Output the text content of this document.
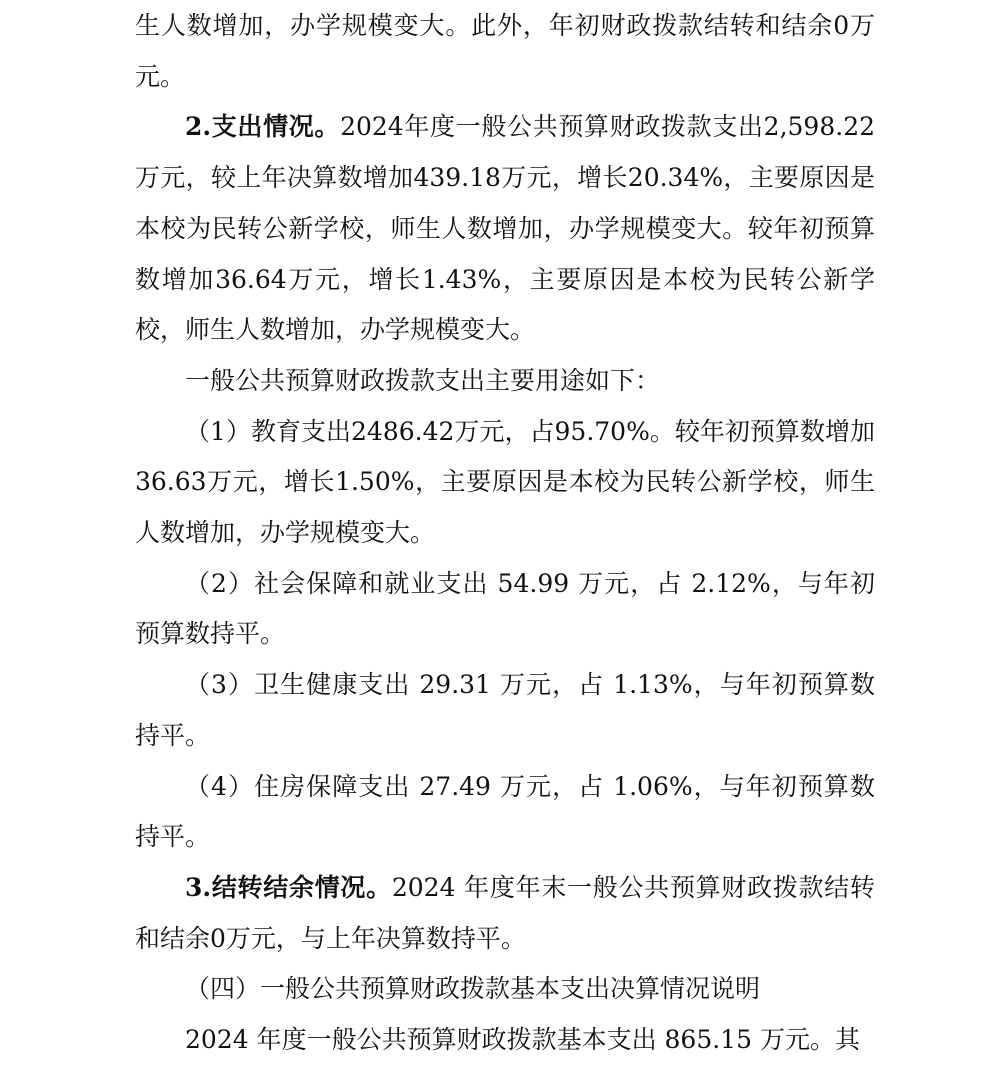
生人数增加，办学规模变大。此外，年初财政拨款结转和结余0万元。

2.支出情况。2024年度一般公共预算财政拨款支出2,598.22万元，较上年决算数增加439.18万元，增长20.34%，主要原因是本校为民转公新学校，师生人数增加，办学规模变大。较年初预算数增加36.64万元，增长1.43%，主要原因是本校为民转公新学校，师生人数增加，办学规模变大。

一般公共预算财政拨款支出主要用途如下：

（1）教育支出2486.42万元，占95.70%。较年初预算数增加36.63万元，增长1.50%，主要原因是本校为民转公新学校，师生人数增加，办学规模变大。

（2）社会保障和就业支出 54.99 万元，占 2.12%，与年初预算数持平。

（3）卫生健康支出 29.31 万元，占 1.13%，与年初预算数持平。

（4）住房保障支出 27.49 万元，占 1.06%，与年初预算数持平。

3.结转结余情况。2024 年度年末一般公共预算财政拨款结转和结余0万元，与上年决算数持平。

（四）一般公共预算财政拨款基本支出决算情况说明

2024 年度一般公共预算财政拨款基本支出 865.15 万元。其
